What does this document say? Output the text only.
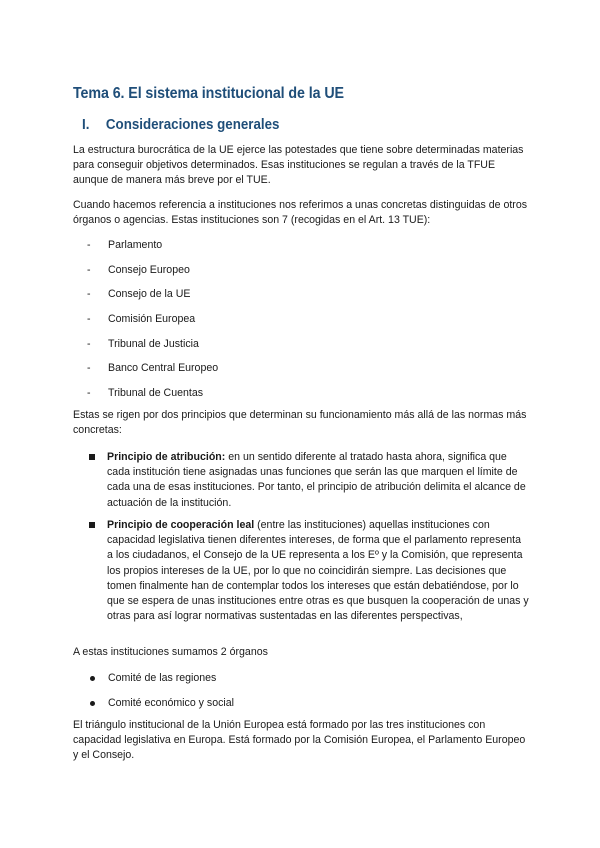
Tema 6. El sistema institucional de la UE
I. Consideraciones generales

La estructura burocrática de la UE ejerce las potestades que tiene sobre determinadas materias para conseguir objetivos determinados. Esas instituciones se regulan a través de la TFUE aunque de manera más breve por el TUE.

Cuando hacemos referencia a instituciones nos referimos a unas concretas distinguidas de otros órganos o agencias. Estas instituciones son 7 (recogidas en el Art. 13 TUE):

-	Parlamento
-	Consejo Europeo
-	Consejo de la UE
-	Comisión Europea
-	Tribunal de Justicia
-	Banco Central Europeo
-	Tribunal de Cuentas

Estas se rigen por dos principios que determinan su funcionamiento más allá de las normas más concretas:

Principio de atribución: en un sentido diferente al tratado hasta ahora, significa que cada institución tiene asignadas unas funciones que serán las que marquen el límite de cada una de esas instituciones. Por tanto, el principio de atribución delimita el alcance de actuación de la institución.
Principio de cooperación leal (entre las instituciones) aquellas instituciones con capacidad legislativa tienen diferentes intereses, de forma que el parlamento representa a los ciudadanos, el Consejo de la UE representa a los Eº y la Comisión, que representa los propios intereses de la UE, por lo que no coincidirán siempre. Las decisiones que tomen finalmente han de contemplar todos los intereses que están debatiéndose, por lo que se espera de unas instituciones entre otras es que busquen la cooperación de unas y otras para así lograr normativas sustentadas en las diferentes perspectivas,

A estas instituciones sumamos 2 órganos

Comité de las regiones
Comité económico y social

El triángulo institucional de la Unión Europea está formado por las tres instituciones con capacidad legislativa en Europa. Está formado por la Comisión Europea, el Parlamento Europeo y el Consejo.
